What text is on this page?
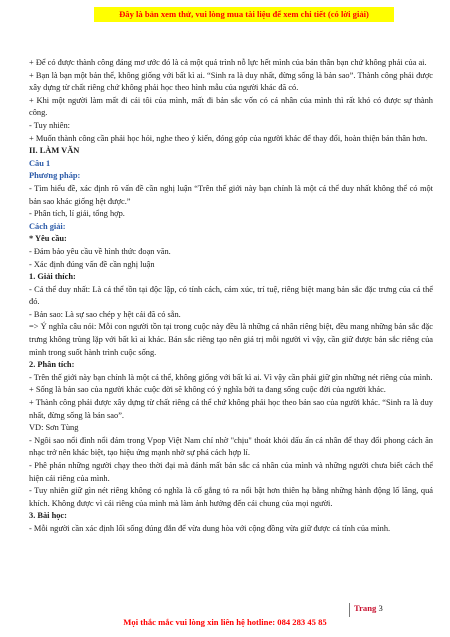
Đây là bản xem thử, vui lòng mua tài liệu để xem chi tiết (có lời giải)

+ Để có được thành công đáng mơ ước đó là cả một quá trình nỗ lực hết mình của bản thân bạn chứ không phải của ai.

+ Bạn là bạn một bản thể, không giống với bất kì ai. “Sinh ra là duy nhất, đừng sống là bản sao”. Thành công phải được xây dựng từ chất riêng chứ không phải học theo hình mẫu của người khác đã có.

+ Khi một người làm mất đi cái tôi của mình, mất đi bản sắc vốn có cá nhân của mình thì rất khó có được sự thành công.

- Tuy nhiên:

+ Muốn thành công cần phải học hỏi, nghe theo ý kiến, đóng góp của người khác để thay đổi, hoàn thiện bản thân hơn.

II. LÀM VĂN

Câu 1

Phương pháp:

- Tìm hiểu đề, xác định rõ vấn đề cần nghị luận “Trên thế giới này bạn chính là một cá thể duy nhất không thể có một bản sao khác giống hệt được.”

- Phân tích, lí giải, tổng hợp.

Cách giải:

* Yêu cầu:

- Đảm bảo yêu cầu về hình thức đoạn văn.

- Xác định đúng vấn đề cần nghị luận

1. Giải thích:

- Cá thể duy nhất: Là cá thể tồn tại độc lập, có tính cách, cảm xúc, trí tuệ, riêng biệt mang bản sắc đặc trưng của cá thể đó.

- Bản sao: Là sự sao chép y hệt cái đã có sẵn.

=> Ý nghĩa câu nói: Mỗi con người tồn tại trong cuộc này đều là những cá nhân riêng biệt, đều mang những bản sắc đặc trưng không trùng lặp với bất kì ai khác. Bản sắc riêng tạo nên giá trị mỗi người vì vậy, cần giữ được bản sắc riêng của mình trong suốt hành trình cuộc sống.

2. Phân tích:

- Trên thế giới này bạn chính là một cá thể, không giống với bất kì ai. Vì vậy cần phải giữ gìn những nét riêng của mình.

+ Sống là bản sao của người khác cuộc đời sẽ không có ý nghĩa bởi ta đang sống cuộc đời của người khác.

+ Thành công phải được xây dựng từ chất riêng cá thể chứ không phải học theo bản sao của người khác. “Sinh ra là duy nhất, đừng sống là bản sao”.

VD: Sơn Tùng

- Ngôi sao nổi đình nổi đám trong Vpop Việt Nam chỉ nhờ "chịu" thoát khỏi dấu ấn cá nhân để thay đổi phong cách ăn nhạc trở nên khác biệt, tạo hiệu ứng mạnh nhờ sự phá cách hợp lí.

- Phê phán những người chạy theo thời đại mà đánh mất bản sắc cá nhân của mình và những người chưa biết cách thể hiện cái riêng của mình.

- Tuy nhiên giữ gìn nét riêng không có nghĩa là cố gắng tỏ ra nổi bật hơn thiên hạ bằng những hành động lố lăng, quá khích. Không được vì cái riêng của mình mà làm ảnh hưởng đến cái chung của mọi người.

3. Bài học:

- Mỗi người cần xác định lối sống đúng đắn để vừa dung hòa với cộng đồng vừa giữ được cá tính của mình.

Trang 3
Mọi thắc mắc vui lòng xin liên hệ hotline: 084 283 45 85
